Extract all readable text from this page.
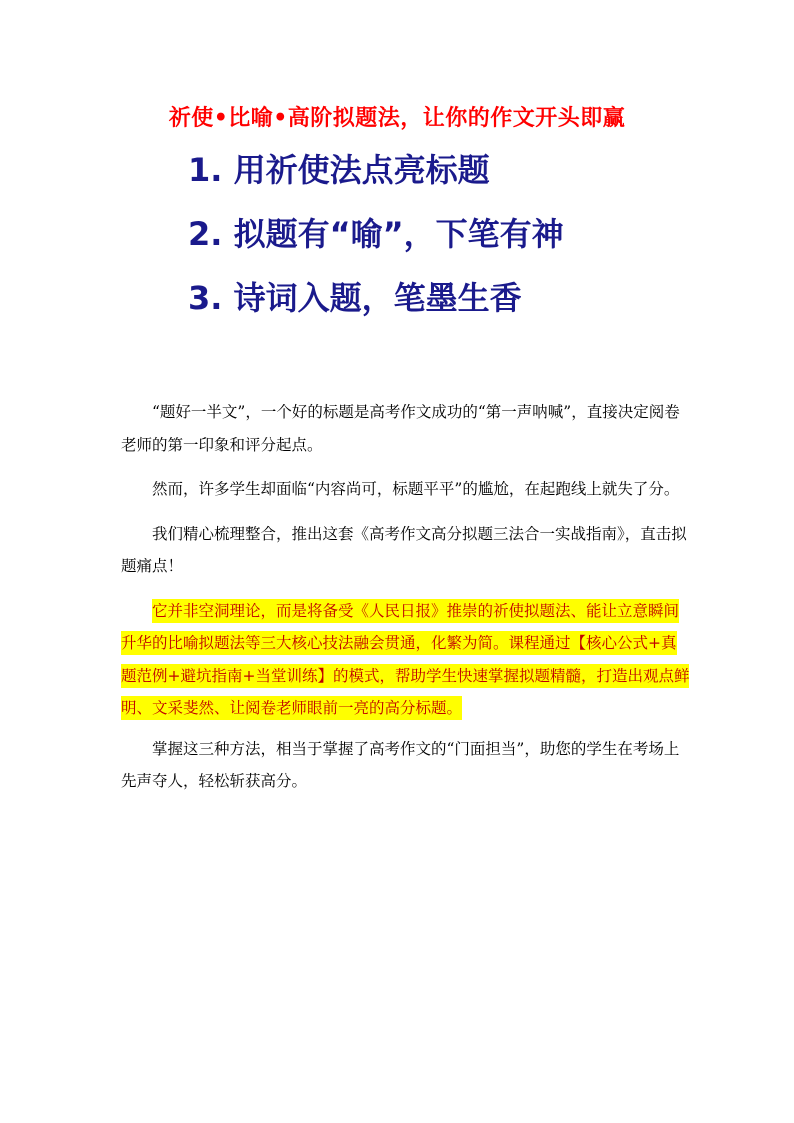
祈使•比喻•高阶拟题法，让你的作文开头即赢
1. 用祈使法点亮标题
2. 拟题有“喻”，下笔有神
3. 诗词入题，笔墨生香

“题好一半文”，一个好的标题是高考作文成功的“第一声呐喊”，直接决定阅卷老师的第一印象和评分起点。

然而，许多学生却面临“内容尚可，标题平平”的尴尬，在起跑线上就失了分。

我们精心梳理整合，推出这套《高考作文高分拟题三法合一实战指南》，直击拟题痛点！

它并非空洞理论，而是将备受《人民日报》推崇的祈使拟题法、能让立意瞬间升华的比喻拟题法等三大核心技法融会贯通，化繁为简。课程通过【核心公式+真题范例+避坑指南+当堂训练】的模式，帮助学生快速掌握拟题精髓，打造出观点鲜明、文采斐然、让阅卷老师眼前一亮的高分标题。

掌握这三种方法，相当于掌握了高考作文的“门面担当”，助您的学生在考场上先声夺人，轻松斩获高分。
